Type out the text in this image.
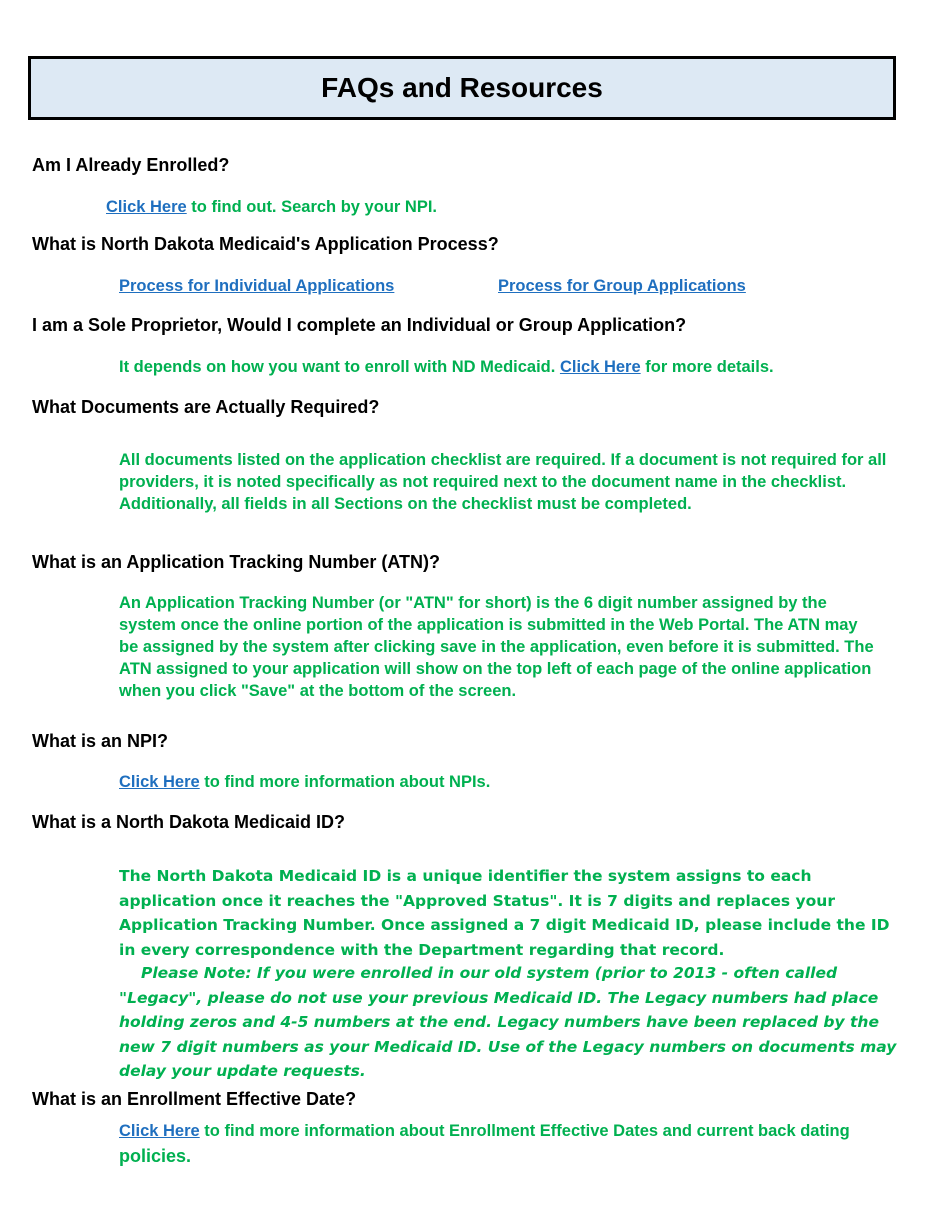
FAQs and Resources

Am I Already Enrolled?

Click Here to find out. Search by your NPI.

What is North Dakota Medicaid's Application Process?

Process for Individual Applications	Process for Group Applications

I am a Sole Proprietor, Would I complete an Individual or Group Application?

It depends on how you want to enroll with ND Medicaid. Click Here for more details.

What Documents are Actually Required?

All documents listed on the application checklist are required. If a document is not required for all providers, it is noted specifically as not required next to the document name in the checklist. Additionally, all fields in all Sections on the checklist must be completed.

What is an Application Tracking Number (ATN)?

An Application Tracking Number (or "ATN" for short) is the 6 digit number assigned by the system once the online portion of the application is submitted in the Web Portal. The ATN may be assigned by the system after clicking save in the application, even before it is submitted. The ATN assigned to your application will show on the top left of each page of the online application when you click "Save" at the bottom of the screen.

What is an NPI?

Click Here to find more information about NPIs.

What is a North Dakota Medicaid ID?

The North Dakota Medicaid ID is a unique identifier the system assigns to each application once it reaches the "Approved Status". It is 7 digits and replaces your Application Tracking Number. Once assigned a 7 digit Medicaid ID, please include the ID in every correspondence with the Department regarding that record.

Please Note: If you were enrolled in our old system (prior to 2013 - often called "Legacy", please do not use your previous Medicaid ID. The Legacy numbers had place holding zeros and 4-5 numbers at the end. Legacy numbers have been replaced by the new 7 digit numbers as your Medicaid ID. Use of the Legacy numbers on documents may delay your update requests.

What is an Enrollment Effective Date?

Click Here to find more information about Enrollment Effective Dates and current back dating

policies.
